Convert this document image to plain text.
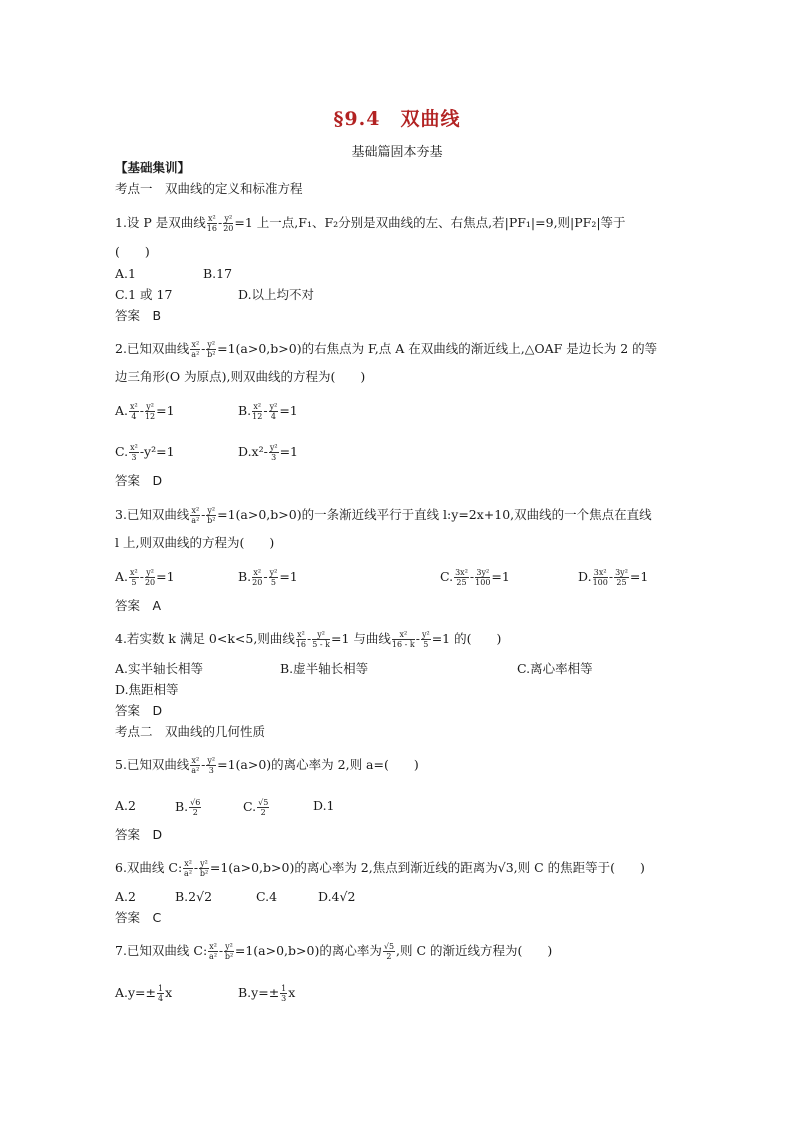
§9.4　双曲线
基础篇固本夯基
【基础集训】
考点一　双曲线的定义和标准方程
1.设 P 是双曲线 $\frac{\text{x²}}{16} - \frac{\text{y²}}{20} =1$ 上一点,F₁、F₂分别是双曲线的左、右焦点,若|PF₁|=9,则|PF₂|等于
(　　)
A.1	B.17
C.1 或 17	D.以上均不对
答案　B
2.已知双曲线 $\frac{\text{x²}}{\text{a²}} - \frac{\text{y²}}{\text{b²}} =1(a>0,b>0)$的右焦点为 F,点 A 在双曲线的渐近线上,△OAF 是边长为 2 的等
边三角形(O 为原点),则双曲线的方程为(　　)
A. $\frac{\text{x²}}{4} - \frac{\text{y²}}{12} =1$	B. $\frac{\text{x²}}{12} - \frac{\text{y²}}{4} =1$
C. $\frac{\text{x²}}{3} -y^2=1$	$D.x^2- \frac{\text{y²}}{3} =1$
答案　D
3.已知双曲线 $\frac{\text{x²}}{\text{a²}} - \frac{\text{y²}}{\text{b²}} =1(a>0,b>0)$的一条渐近线平行于直线 l:y=2x+10,双曲线的一个焦点在直线
l 上,则双曲线的方程为(　　)
A. $\frac{\text{x²}}{5} - \frac{\text{y²}}{20} =1$	B. $\frac{\text{x²}}{20} - \frac{\text{y²}}{5} =1$	C. $\frac{\text{3x²}}{25} - \frac{\text{3y²}}{100} =1$	D. $\frac{\text{3x²}}{100} - \frac{\text{3y²}}{25} =1$
答案　A
4.若实数 k 满足 0<k<5,则曲线 $\frac{\text{x²}}{16} - \frac{\text{y²}}{5 - k} =1$ 与曲线 $\frac{\text{x²}}{16 - k} - \frac{\text{y²}}{5} =1$ 的(　　)
A.实半轴长相等	B.虚半轴长相等	C.离心率相等
D.焦距相等
答案　D
考点二　双曲线的几何性质
5.已知双曲线 $\frac{\text{x²}}{\text{a²}} - \frac{\text{y²}}{3} =1(a>0)$的离心率为 2,则 a=(　　)
A.2	B. $\frac{√6}{2}$	C. $\frac{√5}{2}$	D.1
答案　D
6.双曲线 C: $\frac{\text{x²}}{\text{a²}} - \frac{\text{y²}}{\text{b²}} =1(a>0,b>0)$的离心率为 2,焦点到渐近线的距离为√3,则 C 的焦距等于(　　)
A.2	B.2√2	C.4	D.4√2
答案　C
7.已知双曲线 C: $\frac{\text{x²}}{\text{a²}} - \frac{\text{y²}}{\text{b²}} =1(a>0,b>0)$的离心率为 $\frac{√5}{2}$ ,则 C 的渐近线方程为(　　)
$A.y=\pm \frac{1}{4}$ x	$B.y=\pm \frac{1}{3}$ x
